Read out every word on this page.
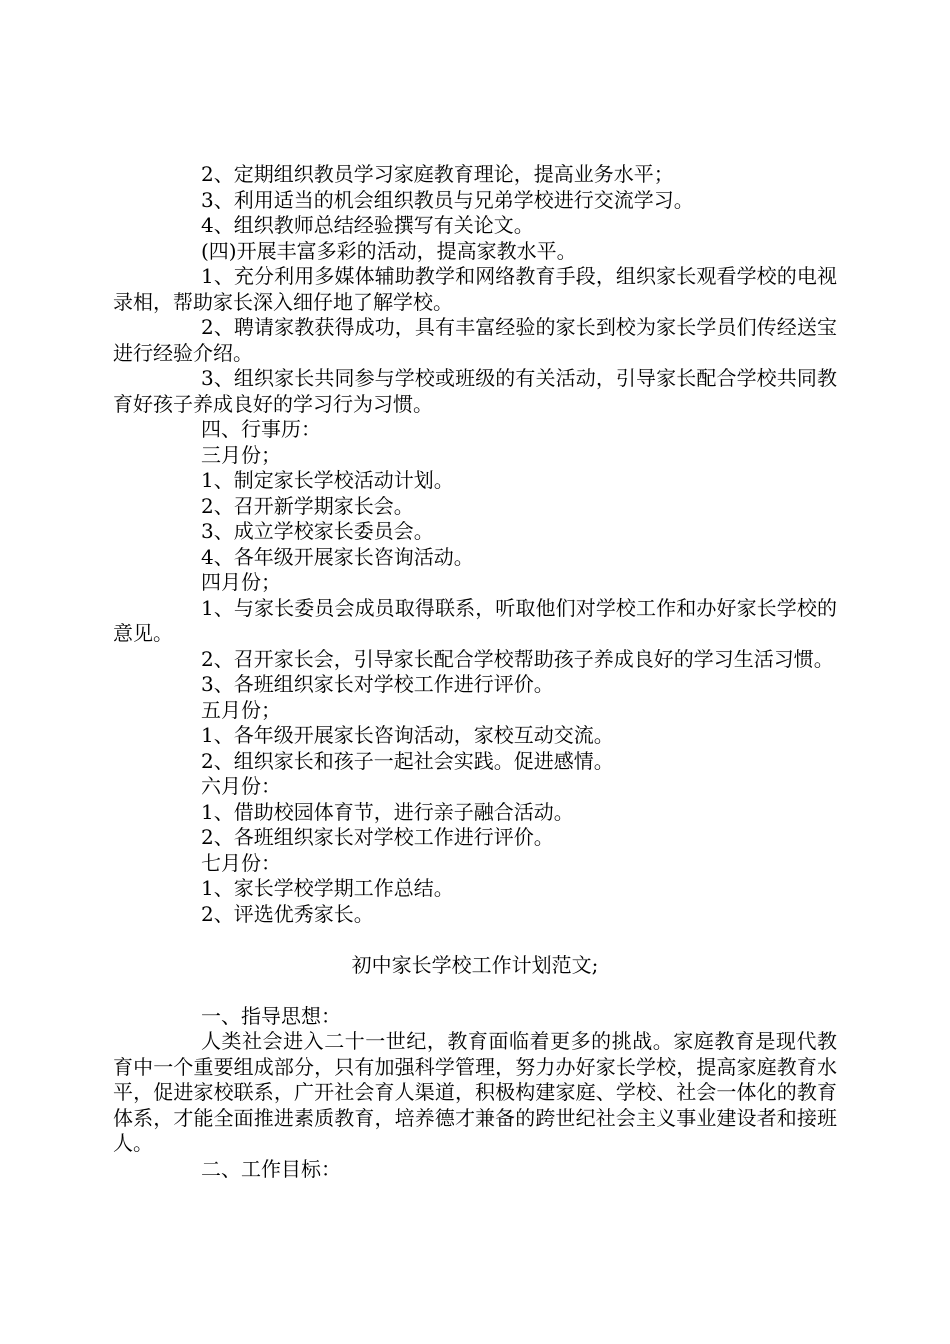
2、定期组织教员学习家庭教育理论，提高业务水平；

3、利用适当的机会组织教员与兄弟学校进行交流学习。

4、组织教师总结经验撰写有关论文。

(四)开展丰富多彩的活动，提高家教水平。

1、充分利用多媒体辅助教学和网络教育手段，组织家长观看学校的电视录相，帮助家长深入细仔地了解学校。

2、聘请家教获得成功，具有丰富经验的家长到校为家长学员们传经送宝进行经验介绍。

3、组织家长共同参与学校或班级的有关活动，引导家长配合学校共同教育好孩子养成良好的学习行为习惯。

四、行事历：

三月份；

1、制定家长学校活动计划。

2、召开新学期家长会。

3、成立学校家长委员会。

4、各年级开展家长咨询活动。

四月份；

1、与家长委员会成员取得联系，听取他们对学校工作和办好家长学校的意见。

2、召开家长会，引导家长配合学校帮助孩子养成良好的学习生活习惯。

3、各班组织家长对学校工作进行评价。

五月份；

1、各年级开展家长咨询活动，家校互动交流。

2、组织家长和孩子一起社会实践。促进感情。

六月份：

1、借助校园体育节，进行亲子融合活动。

2、各班组织家长对学校工作进行评价。

七月份：

1、家长学校学期工作总结。

2、评选优秀家长。

初中家长学校工作计划范文;

一、指导思想：

人类社会进入二十一世纪，教育面临着更多的挑战。家庭教育是现代教育中一个重要组成部分，只有加强科学管理，努力办好家长学校，提高家庭教育水平，促进家校联系，广开社会育人渠道，积极构建家庭、学校、社会一体化的教育体系，才能全面推进素质教育，培养德才兼备的跨世纪社会主义事业建设者和接班人。

二、工作目标：
